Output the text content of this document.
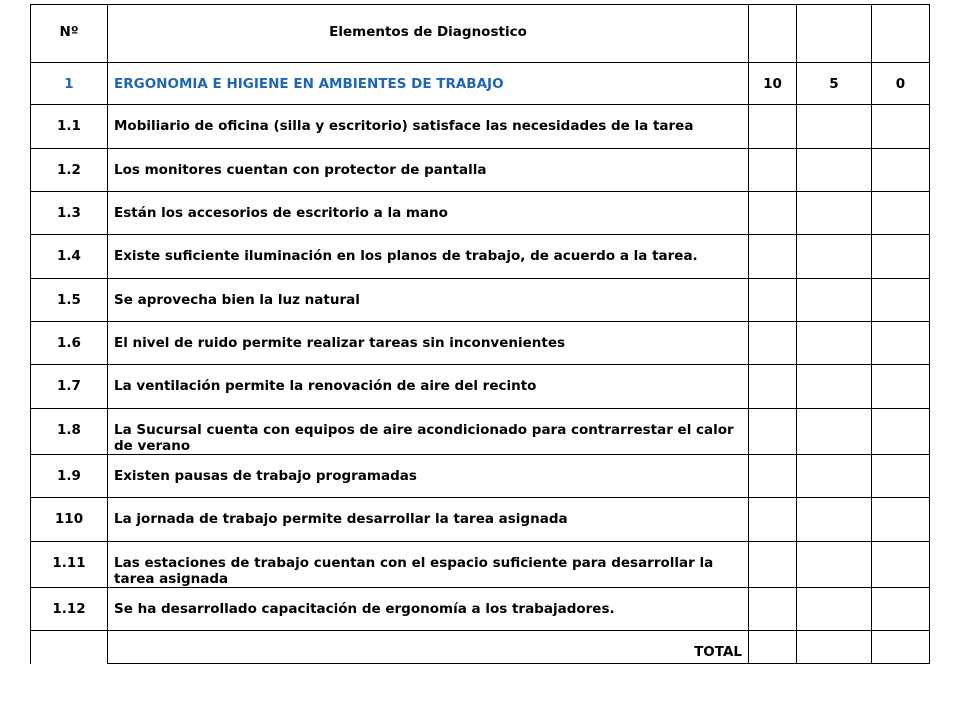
Nº	Elementos de Diagnostico			
1	ERGONOMIA E HIGIENE EN AMBIENTES DE TRABAJO	10	5	0
1.1	Mobiliario de oficina (silla y escritorio) satisface las necesidades de la tarea			
1.2	Los monitores cuentan con protector de pantalla			
1.3	Están los accesorios de escritorio a la mano			
1.4	Existe suficiente iluminación en los planos de trabajo, de acuerdo a la tarea.			
1.5	Se aprovecha bien la luz natural			
1.6	El nivel de ruido permite realizar tareas sin inconvenientes			
1.7	La ventilación permite la renovación de aire del recinto			
1.8	La Sucursal cuenta con equipos de aire acondicionado para contrarrestar el calor de verano			
1.9	Existen pausas de trabajo programadas			
110	La jornada de trabajo permite desarrollar la tarea asignada			
1.11	Las estaciones de trabajo cuentan con el espacio suficiente para desarrollar la tarea asignada			
1.12	Se ha desarrollado capacitación de ergonomía a los trabajadores.			
	TOTAL			
